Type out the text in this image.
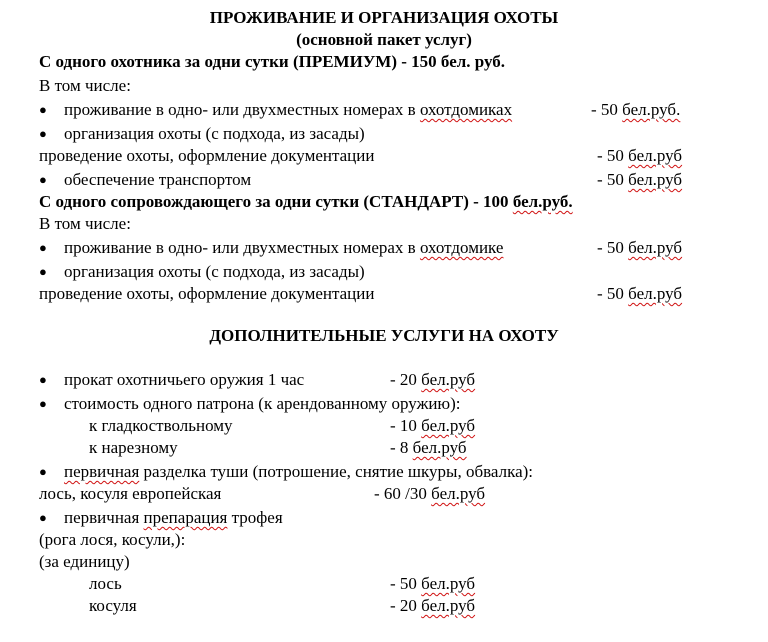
ПРОЖИВАНИЕ И ОРГАНИЗАЦИЯ ОХОТЫ
(основной пакет услуг)
С одного охотника за одни сутки (ПРЕМИУМ) - 150 бел. руб.
В том числе:
● проживание в одно- или двухместных номерах в охотдомиках	- 50 бел.руб.
● организация охоты (с подхода, из засады)
проведение охоты, оформление документации	- 50 бел.руб
● обеспечение транспортом	- 50 бел.руб
С одного сопровождающего за одни сутки (СТАНДАРТ) - 100 бел.руб.
В том числе:
● проживание в одно- или двухместных номерах в охотдомике	- 50 бел.руб
● организация охоты (с подхода, из засады)
проведение охоты, оформление документации	- 50 бел.руб
ДОПОЛНИТЕЛЬНЫЕ УСЛУГИ НА ОХОТУ
● прокат охотничьего оружия 1 час	- 20 бел.руб
● стоимость одного патрона (к арендованному оружию):
к гладкоствольному	- 10 бел.руб
к нарезному	- 8 бел.руб
● первичная разделка туши (потрошение, снятие шкуры, обвалка):
лось, косуля европейская	- 60 /30 бел.руб
● первичная препарация трофея
(рога лося, косули,):
(за единицу)
лось	- 50 бел.руб
косуля	- 20 бел.руб
